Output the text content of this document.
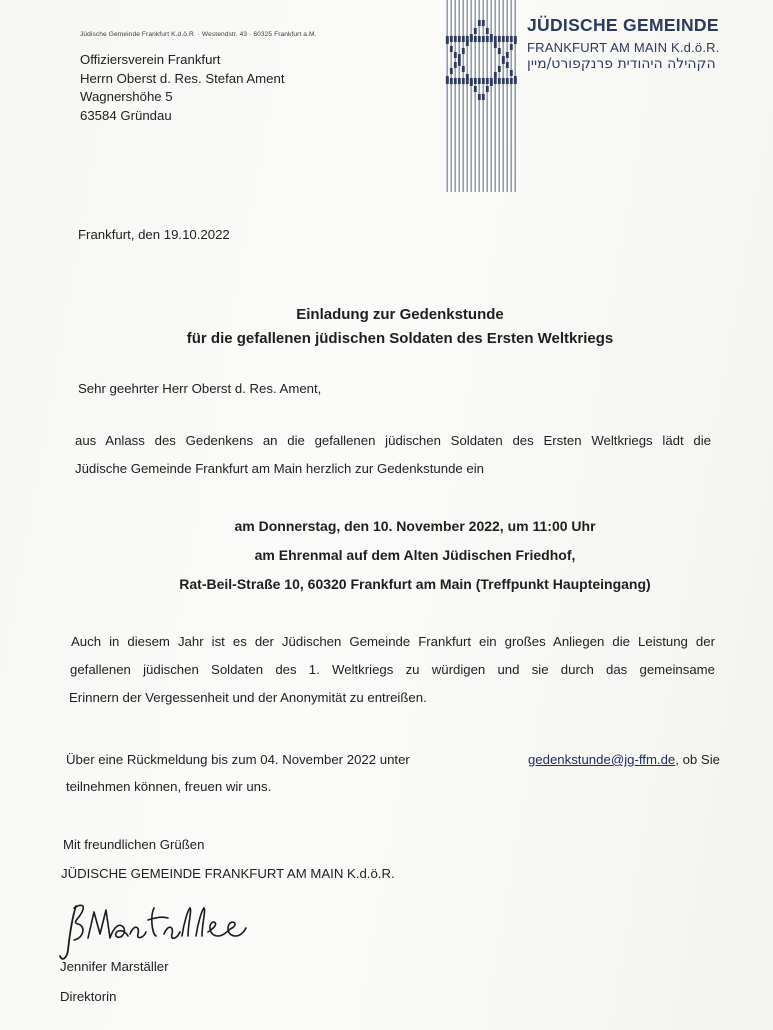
Jüdische Gemeinde Frankfurt K.d.ö.R. · Westendstr. 43 · 60325 Frankfurt a.M.
Offiziersverein Frankfurt
Herrn Oberst d. Res. Stefan Ament
Wagnershöhe 5
63584 Gründau
JÜDISCHE GEMEINDE
FRANKFURT AM MAIN K.d.ö.R.
הקהילה היהודית פרנקפורט/מיין
Frankfurt, den 19.10.2022
Einladung zur Gedenkstunde
für die gefallenen jüdischen Soldaten des Ersten Weltkriegs
Sehr geehrter Herr Oberst d. Res. Ament,
aus Anlass des Gedenkens an die gefallenen jüdischen Soldaten des Ersten Weltkriegs lädt die
Jüdische Gemeinde Frankfurt am Main herzlich zur Gedenkstunde ein
am Donnerstag, den 10. November 2022, um 11:00 Uhr
am Ehrenmal auf dem Alten Jüdischen Friedhof,
Rat-Beil-Straße 10, 60320 Frankfurt am Main (Treffpunkt Haupteingang)
Auch in diesem Jahr ist es der Jüdischen Gemeinde Frankfurt ein großes Anliegen die Leistung der
gefallenen jüdischen Soldaten des 1. Weltkriegs zu würdigen und sie durch das gemeinsame
Erinnern der Vergessenheit und der Anonymität zu entreißen.
Über eine Rückmeldung bis zum 04. November 2022 unter	gedenkstunde@jg-ffm.de, ob Sie
teilnehmen können, freuen wir uns.
Mit freundlichen Grüßen
JÜDISCHE GEMEINDE FRANKFURT AM MAIN K.d.ö.R.
Jennifer Marställer
Direktorin
